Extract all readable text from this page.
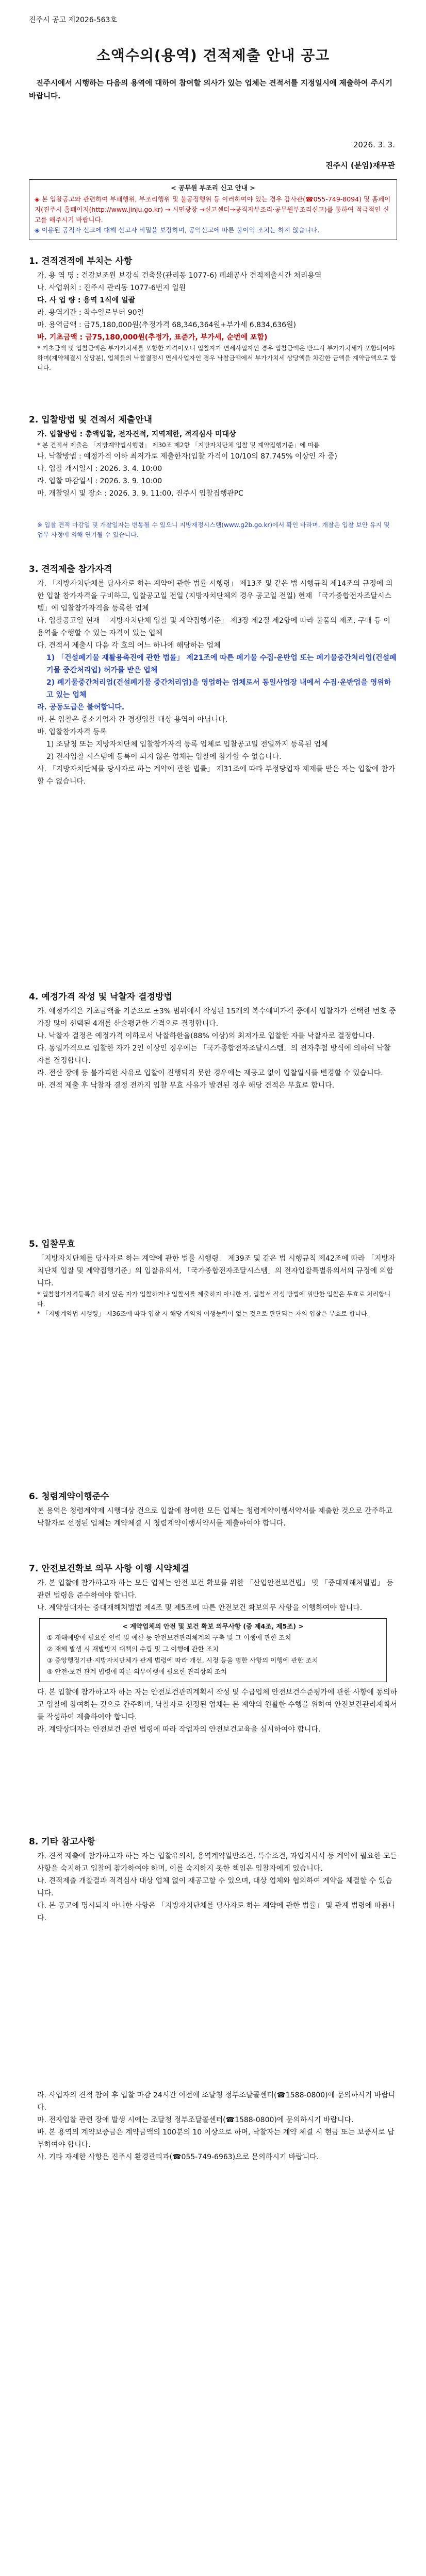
진주시 공고 제2026-563호
소액수의(용역) 견적제출 안내 공고
진주시에서 시행하는 다음의 용역에 대하여 참여할 의사가 있는 업체는 견적서를 지정일시에 제출하여 주시기 바랍니다.
2026. 3. 3.
진주시 (분임)재무관
< 공무원 부조리 신고 안내 >

◈ 본 입찰공고와 관련하여 부패행위, 부조리행위 및 불공정행위 등 이러하여야 있는 경우 감사관(☎055-749-8094) 및 홈페이지(진주시 홈페이지(http://www.jinju.go.kr) → 시민광장 →신고센터→공직자부조리·공무원부조리신고)를 통하여 적극적인 신고를 해주시기 바랍니다.

◈ 이용된 공직자 신고에 대해 신고자 비밀을 보장하며, 공익신고에 따른 불이익 조치는 하지 않습니다.

1. 견적견적에 부치는 사항

가. 용 역 명 : 건강보조원 보강식 건축물(관리동 1077-6) 폐쇄공사 견적제출시간 처리용역

나. 사업위치 : 진주시 관리동 1077-6번지 일원

다. 사 업 량 : 용역 1식에 일괄

라. 용역기간 : 착수일로부터 90일

마. 용역금액 : 금75,180,000원(추정가격 68,346,364원+부가세 6,834,636원)

바. 기초금액 : 금75,180,000원(추정가, 표준가, 부가세, 순번에 포함)

* 기초금액 및 입찰금액은 부가가치세를 포함한 가격이오니 입찰자가 면세사업자인 경우 입찰금액은 반드시 부가가치세가 포함되어야 하며(계약체결시 상당분), 업체들의 낙찰결정시 면세사업자인 경우 낙찰금액에서 부가가치세 상당액을 차감한 금액을 계약금액으로 합니다.

2. 입찰방법 및 견적서 제출안내

가. 입찰방법 : 총액입찰, 전자견적, 지역제한, 적격심사 미대상

* 본 견적서 제출은 「지방계약법시행령」 제30조 제2항 「지방자치단체 입찰 및 계약집행기준」에 따름

나. 낙찰방법 : 예정가격 이하 최저가로 제출한자(입찰 가격이 10/10의 87.745% 이상인 자 중)

다. 입찰 개시일시 : 2026. 3. 4. 10:00

라. 입찰 마감일시 : 2026. 3. 9. 10:00

마. 개찰일시 및 장소 : 2026. 3. 9. 11:00, 진주시 입찰집행관PC

※ 입찰 견적 마감일 및 개찰일자는 변동될 수 있으니 지방재정시스템(www.g2b.go.kr)에서 확인 바라며, 개찰은 입찰 보안 유지 및 업무 사정에 의해 연기될 수 있습니다.

3. 견적제출 참가자격

가. 「지방자치단체를 당사자로 하는 계약에 관한 법률 시행령」 제13조 및 같은 법 시행규칙 제14조의 규정에 의한 입찰 참가자격을 구비하고, 입찰공고일 전일 (지방자치단체의 경우 공고일 전일) 현재 「국가종합전자조달시스템」에 입찰참가자격을 등록한 업체

나. 입찰공고일 현재 「지방자치단체 입찰 및 계약집행기준」 제3장 제2절 제2항에 따라 물품의 제조, 구매 등 이 용역을 수행할 수 있는 자격이 있는 업체

다. 견적서 제출시 다음 각 호의 어느 하나에 해당하는 업체

1) 「건설폐기물 재활용촉진에 관한 법률」 제21조에 따른 폐기물 수집·운반업 또는 폐기물중간처리업(건설폐기물 중간처리업) 허가를 받은 업체

2) 폐기물중간처리업(건설폐기물 중간처리업)을 영업하는 업체로서 동일사업장 내에서 수집·운반업을 영위하고 있는 업체

라. 공동도급은 불허합니다.

마. 본 입찰은 중소기업자 간 경쟁입찰 대상 용역이 아닙니다.

바. 입찰참가자격 등록

1) 조달청 또는 지방자치단체 입찰참가자격 등록 업체로 입찰공고일 전일까지 등록된 업체

2) 전자입찰 시스템에 등록이 되지 않은 업체는 입찰에 참가할 수 없습니다.

사. 「지방자치단체를 당사자로 하는 계약에 관한 법률」 제31조에 따라 부정당업자 제재를 받은 자는 입찰에 참가할 수 없습니다.

4. 예정가격 작성 및 낙찰자 결정방법

가. 예정가격은 기초금액을 기준으로 ±3% 범위에서 작성된 15개의 복수예비가격 중에서 입찰자가 선택한 번호 중 가장 많이 선택된 4개를 산술평균한 가격으로 결정합니다.

나. 낙찰자 결정은 예정가격 이하로서 낙찰하한율(88% 이상)의 최저가로 입찰한 자를 낙찰자로 결정합니다.

다. 동일가격으로 입찰한 자가 2인 이상인 경우에는 「국가종합전자조달시스템」의 전자추첨 방식에 의하여 낙찰자를 결정합니다.

라. 전산 장애 등 불가피한 사유로 입찰이 진행되지 못한 경우에는 재공고 없이 입찰일시를 변경할 수 있습니다.

마. 견적 제출 후 낙찰자 결정 전까지 입찰 무효 사유가 발견된 경우 해당 견적은 무효로 합니다.

5. 입찰무효

「지방자치단체를 당사자로 하는 계약에 관한 법률 시행령」 제39조 및 같은 법 시행규칙 제42조에 따라 「지방자치단체 입찰 및 계약집행기준」의 입찰유의서, 「국가종합전자조달시스템」의 전자입찰특별유의서의 규정에 의합니다.

* 입찰참가자격등록을 하지 않은 자가 입찰하거나 입찰서를 제출하지 아니한 자, 입찰서 작성 방법에 위반한 입찰은 무효로 처리합니다.

* 「지방계약법 시행령」 제36조에 따라 입찰 시 해당 계약의 이행능력이 없는 것으로 판단되는 자의 입찰은 무효로 합니다.

6. 청렴계약이행준수

본 용역은 청렴계약제 시행대상 건으로 입찰에 참여한 모든 업체는 청렴계약이행서약서를 제출한 것으로 간주하고 낙찰자로 선정된 업체는 계약체결 시 청렴계약이행서약서를 제출하여야 합니다.

7. 안전보건확보 의무 사항 이행 시약체결

가. 본 입찰에 참가하고자 하는 모든 업체는 안전 보건 확보를 위한 「산업안전보건법」 및 「중대재해처벌법」 등 관련 법령을 준수하여야 합니다.

나. 계약상대자는 중대재해처벌법 제4조 및 제5조에 따른 안전보건 확보의무 사항을 이행하여야 합니다.

< 계약업체의 안전 및 보건 확보 의무사항 (중 제4조, 제5조) >
① 재해예방에 필요한 인력 및 예산 등 안전보건관리체계의 구축 및 그 이행에 관한 조치
② 재해 발생 시 재발방지 대책의 수립 및 그 이행에 관한 조치
③ 중앙행정기관·지방자치단체가 관계 법령에 따라 개선, 시정 등을 명한 사항의 이행에 관한 조치
④ 안전·보건 관계 법령에 따른 의무이행에 필요한 관리상의 조치

다. 본 입찰에 참가하고자 하는 자는 안전보건관리계획서 작성 및 수급업체 안전보건수준평가에 관한 사항에 동의하고 입찰에 참여하는 것으로 간주하며, 낙찰자로 선정된 업체는 본 계약의 원활한 수행을 위하여 안전보건관리계획서를 작성하여 제출하여야 합니다.

라. 계약상대자는 안전보건 관련 법령에 따라 작업자의 안전보건교육을 실시하여야 합니다.

8. 기타 참고사항

가. 견적 제출에 참가하고자 하는 자는 입찰유의서, 용역계약일반조건, 특수조건, 과업지시서 등 계약에 필요한 모든 사항을 숙지하고 입찰에 참가하여야 하며, 이를 숙지하지 못한 책임은 입찰자에게 있습니다.

나. 견적제출 개찰결과 적격심사 대상 업체 없이 재공고할 수 있으며, 대상 업체와 협의하여 계약을 체결할 수 있습니다.

다. 본 공고에 명시되지 아니한 사항은 「지방자치단체를 당사자로 하는 계약에 관한 법률」 및 관계 법령에 따릅니다.

라. 사업자의 견적 참여 후 입찰 마감 24시간 이전에 조달청 정부조달콜센터(☎1588-0800)에 문의하시기 바랍니다.

마. 전자입찰 관련 장애 발생 시에는 조달청 정부조달콜센터(☎1588-0800)에 문의하시기 바랍니다.

바. 본 용역의 계약보증금은 계약금액의 100분의 10 이상으로 하며, 낙찰자는 계약 체결 시 현금 또는 보증서로 납부하여야 합니다.

사. 기타 자세한 사항은 진주시 환경관리과(☎055-749-6963)으로 문의하시기 바랍니다.
